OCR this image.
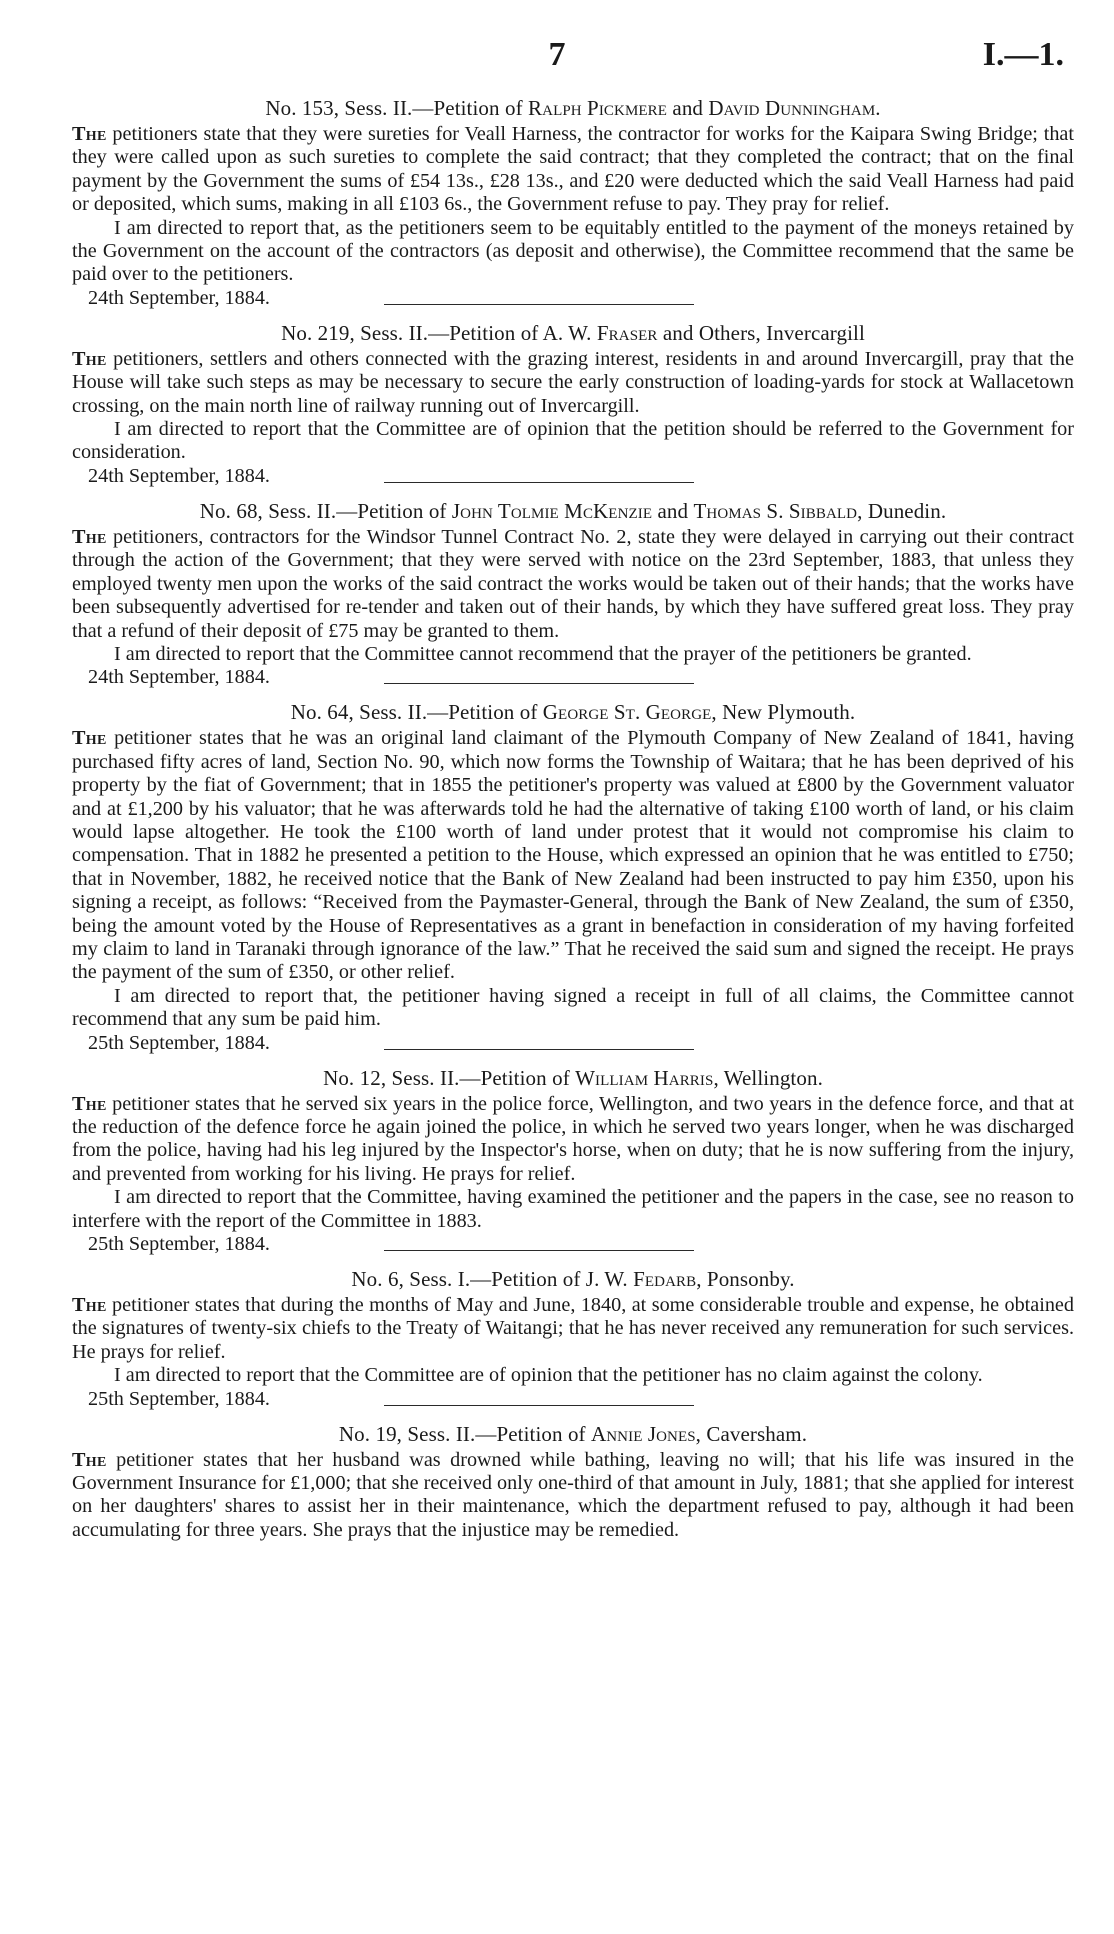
7	I.—1.
No. 153, Sess. II.—Petition of Ralph Pickmere and David Dunningham.

The petitioners state that they were sureties for Veall Harness, the contractor for works for the Kaipara Swing Bridge; that they were called upon as such sureties to complete the said contract; that they completed the contract; that on the final payment by the Government the sums of £54 13s., £28 13s., and £20 were deducted which the said Veall Harness had paid or deposited, which sums, making in all £103 6s., the Government refuse to pay. They pray for relief.

I am directed to report that, as the petitioners seem to be equitably entitled to the payment of the moneys retained by the Government on the account of the contractors (as deposit and otherwise), the Committee recommend that the same be paid over to the petitioners.

24th September, 1884.
No. 219, Sess. II.—Petition of A. W. Fraser and Others, Invercargill

The petitioners, settlers and others connected with the grazing interest, residents in and around Invercargill, pray that the House will take such steps as may be necessary to secure the early construction of loading-yards for stock at Wallacetown crossing, on the main north line of railway running out of Invercargill.

I am directed to report that the Committee are of opinion that the petition should be referred to the Government for consideration.

24th September, 1884.
No. 68, Sess. II.—Petition of John Tolmie McKenzie and Thomas S. Sibbald, Dunedin.

The petitioners, contractors for the Windsor Tunnel Contract No. 2, state they were delayed in carrying out their contract through the action of the Government; that they were served with notice on the 23rd September, 1883, that unless they employed twenty men upon the works of the said contract the works would be taken out of their hands; that the works have been subsequently advertised for re-tender and taken out of their hands, by which they have suffered great loss. They pray that a refund of their deposit of £75 may be granted to them.

I am directed to report that the Committee cannot recommend that the prayer of the petitioners be granted.

24th September, 1884.
No. 64, Sess. II.—Petition of George St. George, New Plymouth.

The petitioner states that he was an original land claimant of the Plymouth Company of New Zealand of 1841, having purchased fifty acres of land, Section No. 90, which now forms the Township of Waitara; that he has been deprived of his property by the fiat of Government; that in 1855 the petitioner's property was valued at £800 by the Government valuator and at £1,200 by his valuator; that he was afterwards told he had the alternative of taking £100 worth of land, or his claim would lapse altogether. He took the £100 worth of land under protest that it would not compromise his claim to compensation. That in 1882 he presented a petition to the House, which expressed an opinion that he was entitled to £750; that in November, 1882, he received notice that the Bank of New Zealand had been instructed to pay him £350, upon his signing a receipt, as follows: “Received from the Paymaster-General, through the Bank of New Zealand, the sum of £350, being the amount voted by the House of Representatives as a grant in benefaction in consideration of my having forfeited my claim to land in Taranaki through ignorance of the law.” That he received the said sum and signed the receipt. He prays the payment of the sum of £350, or other relief.

I am directed to report that, the petitioner having signed a receipt in full of all claims, the Committee cannot recommend that any sum be paid him.

25th September, 1884.
No. 12, Sess. II.—Petition of William Harris, Wellington.

The petitioner states that he served six years in the police force, Wellington, and two years in the defence force, and that at the reduction of the defence force he again joined the police, in which he served two years longer, when he was discharged from the police, having had his leg injured by the Inspector's horse, when on duty; that he is now suffering from the injury, and prevented from working for his living. He prays for relief.

I am directed to report that the Committee, having examined the petitioner and the papers in the case, see no reason to interfere with the report of the Committee in 1883.

25th September, 1884.
No. 6, Sess. I.—Petition of J. W. Fedarb, Ponsonby.

The petitioner states that during the months of May and June, 1840, at some considerable trouble and expense, he obtained the signatures of twenty-six chiefs to the Treaty of Waitangi; that he has never received any remuneration for such services. He prays for relief.

I am directed to report that the Committee are of opinion that the petitioner has no claim against the colony.

25th September, 1884.
No. 19, Sess. II.—Petition of Annie Jones, Caversham.

The petitioner states that her husband was drowned while bathing, leaving no will; that his life was insured in the Government Insurance for £1,000; that she received only one-third of that amount in July, 1881; that she applied for interest on her daughters' shares to assist her in their maintenance, which the department refused to pay, although it had been accumulating for three years. She prays that the injustice may be remedied.
